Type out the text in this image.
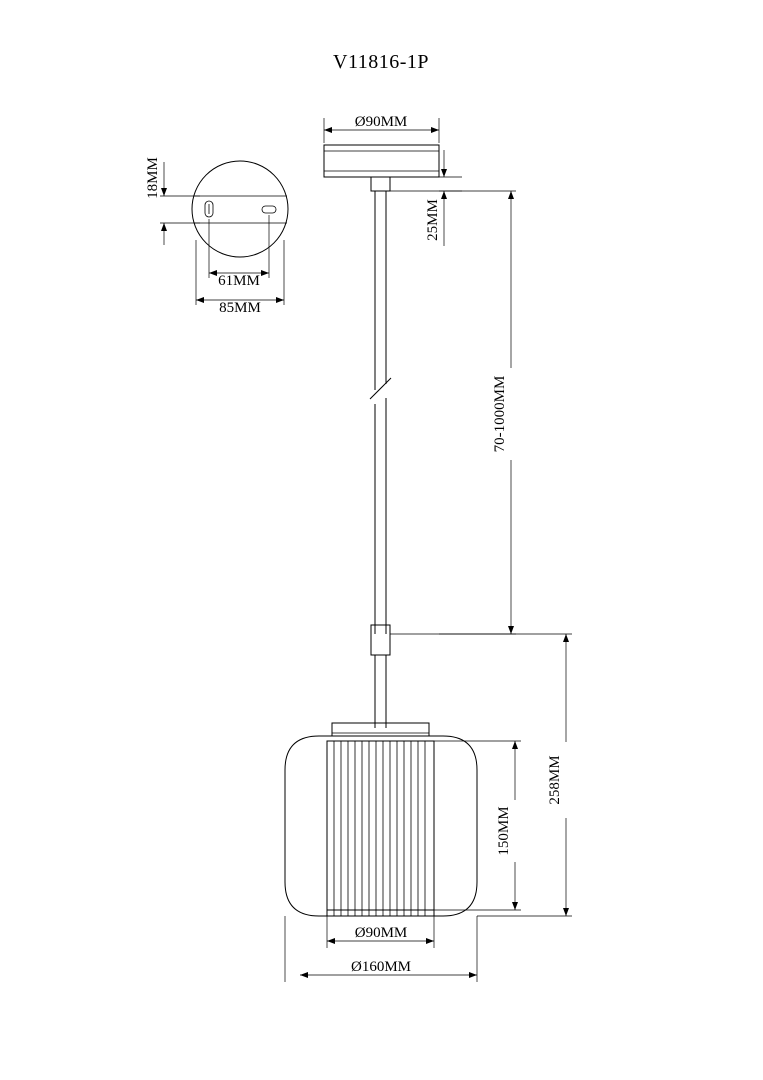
V11816-1P
18MM
61MM
85MM
Ø90MM
25MM
70-1000MM
258MM
150MM
Ø90MM
Ø160MM
